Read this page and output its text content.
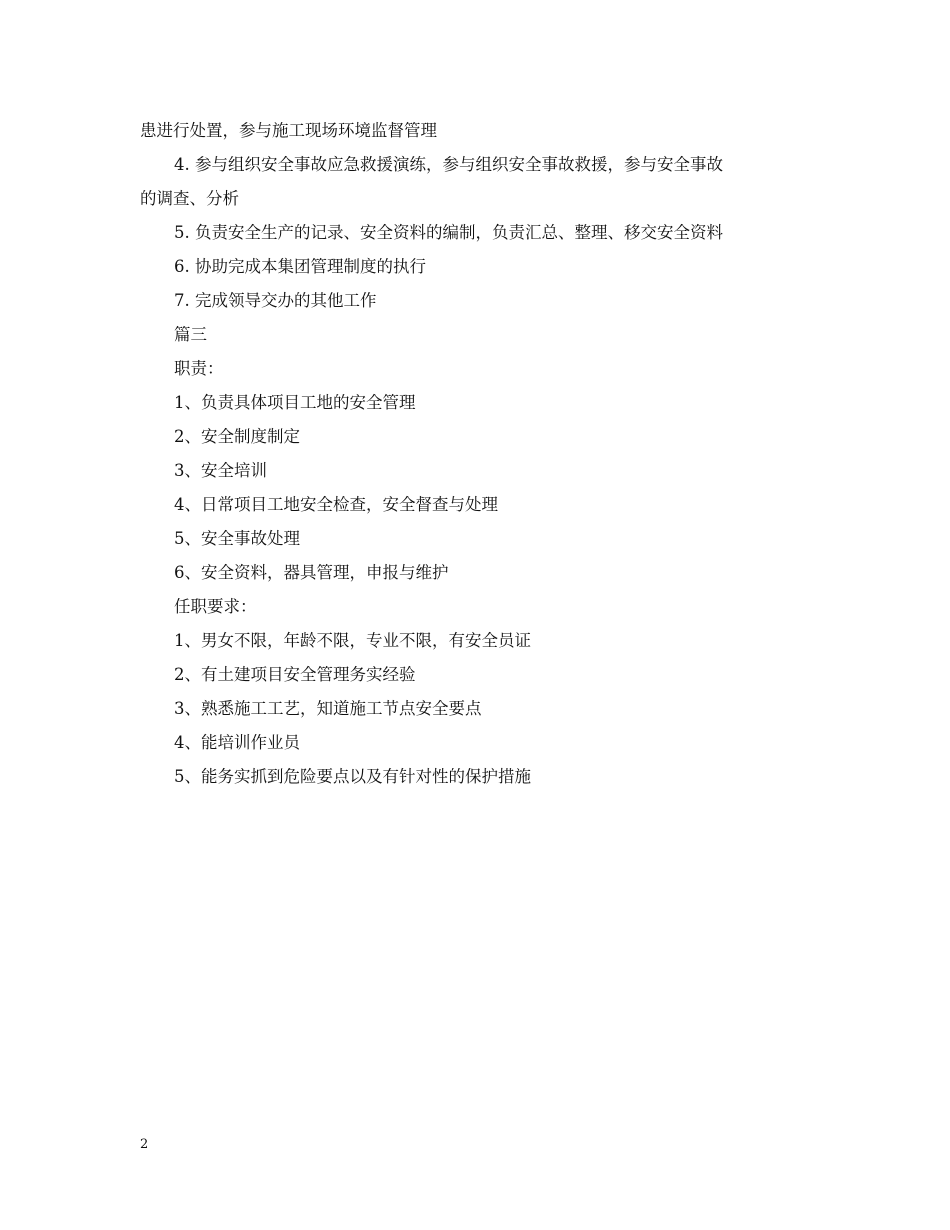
患进行处置，参与施工现场环境监督管理
4. 参与组织安全事故应急救援演练，参与组织安全事故救援，参与安全事故
的调查、分析
5. 负责安全生产的记录、安全资料的编制，负责汇总、整理、移交安全资料
6. 协助完成本集团管理制度的执行
7. 完成领导交办的其他工作
篇三
职责：
1、负责具体项目工地的安全管理
2、安全制度制定
3、安全培训
4、日常项目工地安全检查，安全督查与处理
5、安全事故处理
6、安全资料，器具管理，申报与维护
任职要求：
1、男女不限，年龄不限，专业不限，有安全员证
2、有土建项目安全管理务实经验
3、熟悉施工工艺，知道施工节点安全要点
4、能培训作业员
5、能务实抓到危险要点以及有针对性的保护措施
2
